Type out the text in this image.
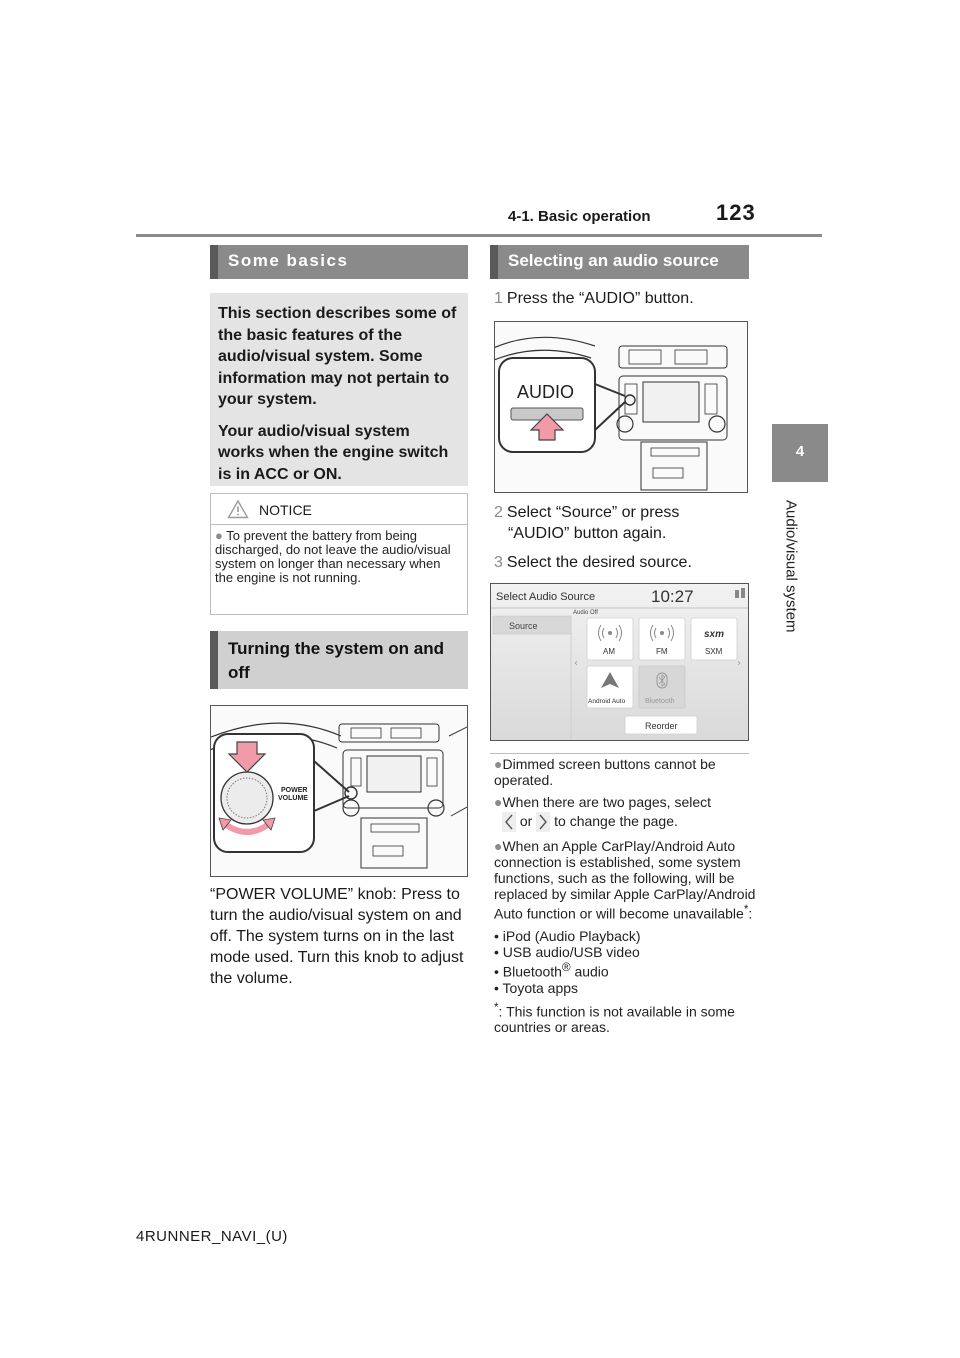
4-1. Basic operation	123
4
Audio/visual system
Some basics

This section describes some of the basic features of the audio/visual system. Some information may not pertain to your system.

Your audio/visual system works when the engine switch is in ACC or ON.

NOTICE
● To prevent the battery from being discharged, do not leave the audio/visual system on longer than necessary when the engine is not running.
Turning the system on and off
POWER
VOLUME
“POWER VOLUME” knob: Press to turn the audio/visual system on and off. The system turns on in the last mode used. Turn this knob to adjust the volume.
Selecting an audio source
1 Press the “AUDIO” button.
AUDIO
2 Select “Source” or press
“AUDIO” button again.
3 Select the desired source.
Select Audio Source	10:27
Audio Off
Source
‹	›
AM	FM
sxm
SXM
Android Auto	Bluetooth
Reorder
●Dimmed screen buttons cannot be operated.
●When there are two pages, select
or to change the page.
●When an Apple CarPlay/Android Auto connection is established, some system functions, such as the following, will be replaced by similar Apple CarPlay/Android Auto function or will become unavailable*:
• iPod (Audio Playback)
• USB audio/USB video
• Bluetooth® audio
• Toyota apps
*: This function is not available in some countries or areas.
4RUNNER_NAVI_(U)
